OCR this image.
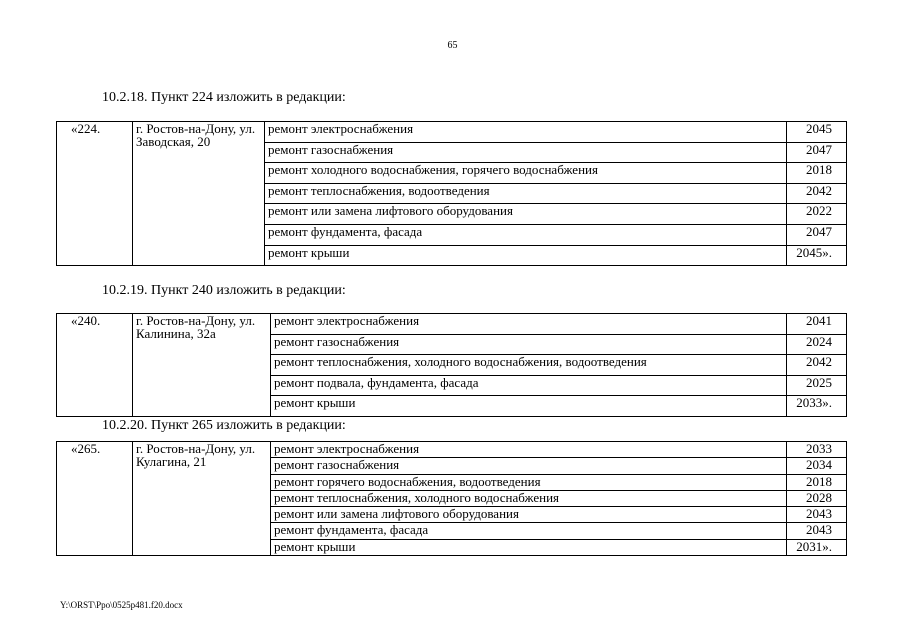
65
10.2.18. Пункт 224 изложить в редакции:
«224.	г. Ростов-на-Дону, ул. Заводская, 20	ремонт электроснабжения	2045
		ремонт газоснабжения	2047
		ремонт холодного водоснабжения, горячего водоснабжения	2018
		ремонт теплоснабжения, водоотведения	2042
		ремонт или замена лифтового оборудования	2022
		ремонт фундамента, фасада	2047
		ремонт крыши	2045».
10.2.19. Пункт 240 изложить в редакции:
«240.	г. Ростов-на-Дону, ул. Калинина, 32а	ремонт электроснабжения	2041
		ремонт газоснабжения	2024
		ремонт теплоснабжения, холодного водоснабжения, водоотведения	2042
		ремонт подвала, фундамента, фасада	2025
		ремонт крыши	2033».
10.2.20. Пункт 265 изложить в редакции:
«265.	г. Ростов-на-Дону, ул. Кулагина, 21	ремонт электроснабжения	2033
		ремонт газоснабжения	2034
		ремонт горячего водоснабжения, водоотведения	2018
		ремонт теплоснабжения, холодного водоснабжения	2028
		ремонт или замена лифтового оборудования	2043
		ремонт фундамента, фасада	2043
		ремонт крыши	2031».
Y:\ORST\Ppo\0525p481.f20.docx
